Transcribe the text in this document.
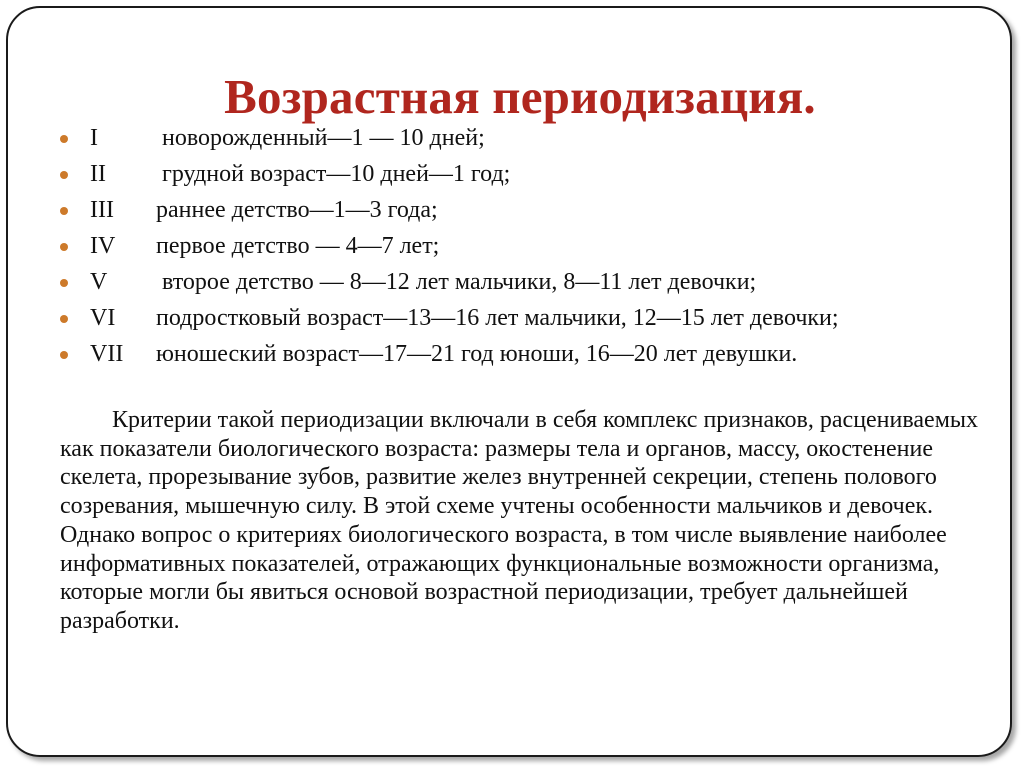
Возрастная периодизация.
I	новорожденный—1 — 10 дней;
II грудной возраст—10 дней—1 год;
III раннее детство—1—3 года;
IV первое детство — 4—7 лет;
V второе детство — 8—12 лет мальчики, 8—11 лет девочки;
VI подростковый возраст—13—16 лет мальчики, 12—15 лет девочки;
VII юношеский возраст—17—21 год юноши, 16—20 лет девушки.

Критерии такой периодизации включали в себя комплекс признаков, расцениваемых как показатели биологического возраста: размеры тела и органов, массу, окостенение скелета, прорезывание зубов, развитие желез внутренней секреции, степень полового созревания, мышечную силу. В этой схеме учтены особенности мальчиков и девочек. Однако вопрос о критериях биологического возраста, в том числе выявление наиболее информативных показателей, отражающих функциональные возможности организма, которые могли бы явиться основой возрастной периодизации, требует дальнейшей разработки.
